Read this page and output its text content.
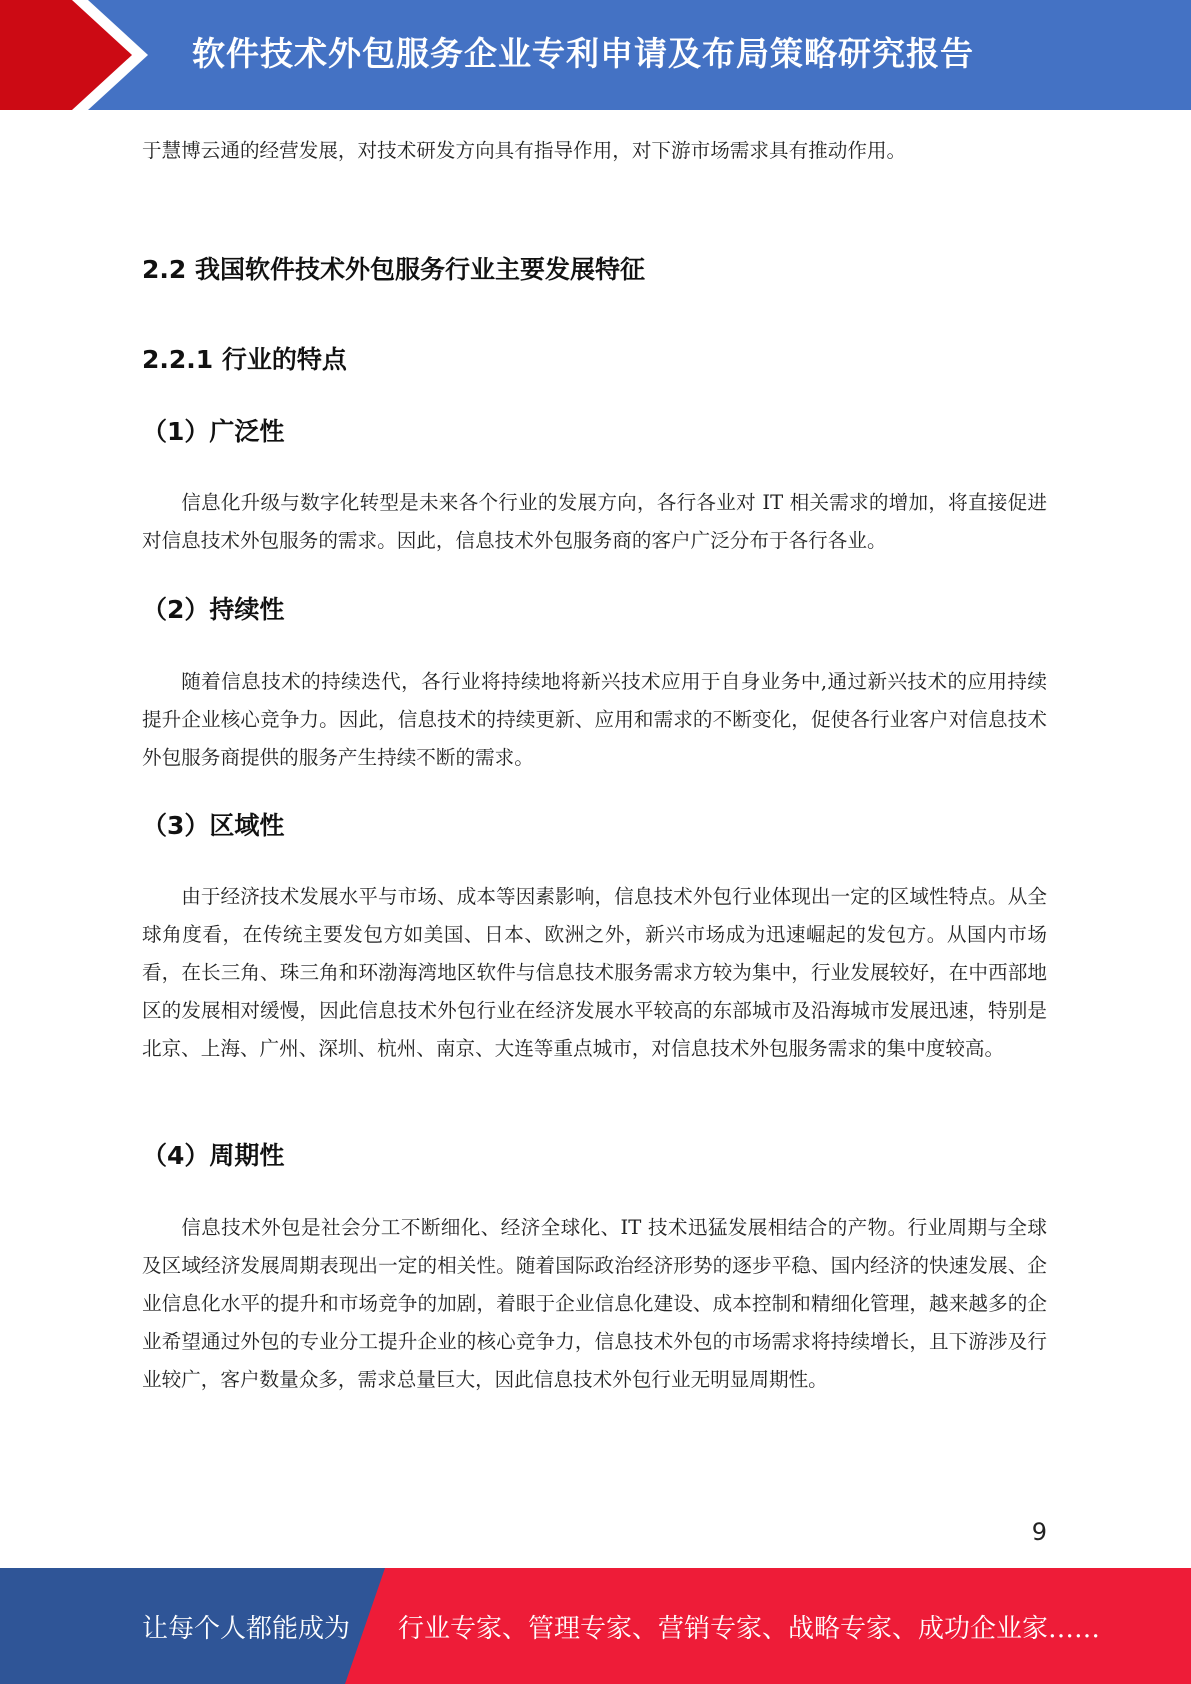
软件技术外包服务企业专利申请及布局策略研究报告
于慧博云通的经营发展，对技术研发方向具有指导作用，对下游市场需求具有推动作用。
2.2 我国软件技术外包服务行业主要发展特征
2.2.1 行业的特点
（1）广泛性
信息化升级与数字化转型是未来各个行业的发展方向，各行各业对 IT 相关需求的增加，将直接促进对信息技术外包服务的需求。因此，信息技术外包服务商的客户广泛分布于各行各业。
（2）持续性
随着信息技术的持续迭代，各行业将持续地将新兴技术应用于自身业务中,通过新兴技术的应用持续提升企业核心竞争力。因此，信息技术的持续更新、应用和需求的不断变化，促使各行业客户对信息技术外包服务商提供的服务产生持续不断的需求。
（3）区域性
由于经济技术发展水平与市场、成本等因素影响，信息技术外包行业体现出一定的区域性特点。从全球角度看，在传统主要发包方如美国、日本、欧洲之外，新兴市场成为迅速崛起的发包方。从国内市场看，在长三角、珠三角和环渤海湾地区软件与信息技术服务需求方较为集中，行业发展较好，在中西部地区的发展相对缓慢，因此信息技术外包行业在经济发展水平较高的东部城市及沿海城市发展迅速，特别是北京、上海、广州、深圳、杭州、南京、大连等重点城市，对信息技术外包服务需求的集中度较高。
（4）周期性
信息技术外包是社会分工不断细化、经济全球化、IT 技术迅猛发展相结合的产物。行业周期与全球及区域经济发展周期表现出一定的相关性。随着国际政治经济形势的逐步平稳、国内经济的快速发展、企业信息化水平的提升和市场竞争的加剧，着眼于企业信息化建设、成本控制和精细化管理，越来越多的企业希望通过外包的专业分工提升企业的核心竞争力，信息技术外包的市场需求将持续增长，且下游涉及行业较广，客户数量众多，需求总量巨大，因此信息技术外包行业无明显周期性。
9
让每个人都能成为 行业专家、管理专家、营销专家、战略专家、成功企业家……
